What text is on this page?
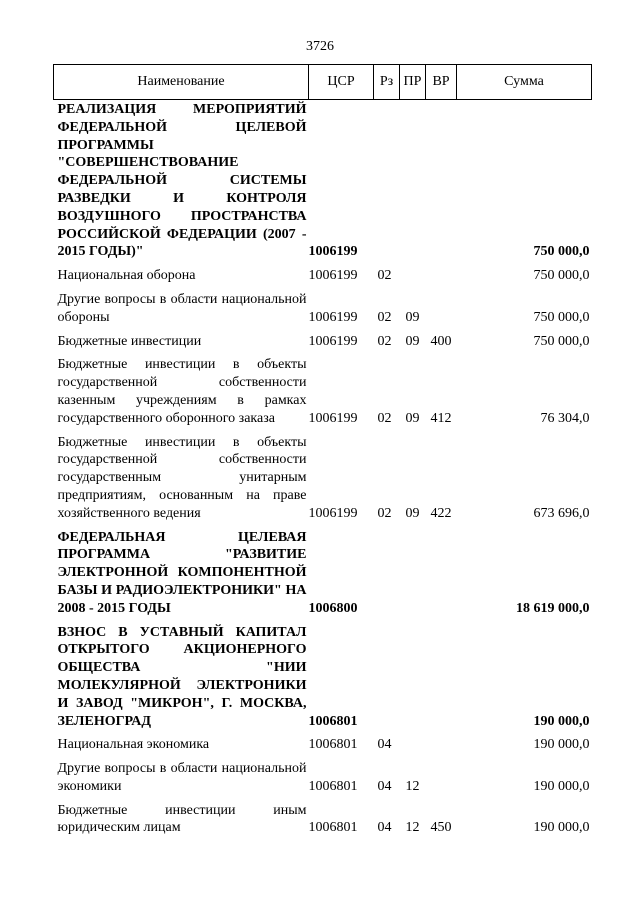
3726
Наименование	ЦСР	Рз	ПР	ВР	Сумма
РЕАЛИЗАЦИЯ МЕРОПРИЯТИЙ ФЕДЕРАЛЬНОЙ ЦЕЛЕВОЙ ПРОГРАММЫ "СОВЕРШЕНСТВОВАНИЕ ФЕДЕРАЛЬНОЙ СИСТЕМЫ РАЗВЕДКИ И КОНТРОЛЯ ВОЗДУШНОГО ПРОСТРАНСТВА РОССИЙСКОЙ ФЕДЕРАЦИИ (2007 - 2015 ГОДЫ)"	1006199				750 000,0
Национальная оборона	1006199	02			750 000,0
Другие вопросы в области национальной обороны	1006199	02	09		750 000,0
Бюджетные инвестиции	1006199	02	09	400	750 000,0
Бюджетные инвестиции в объекты государственной собственности казенным учреждениям в рамках государственного оборонного заказа	1006199	02	09	412	76 304,0
Бюджетные инвестиции в объекты государственной собственности государственным унитарным предприятиям, основанным на праве хозяйственного ведения	1006199	02	09	422	673 696,0
ФЕДЕРАЛЬНАЯ ЦЕЛЕВАЯ ПРОГРАММА "РАЗВИТИЕ ЭЛЕКТРОННОЙ КОМПОНЕНТНОЙ БАЗЫ И РАДИОЭЛЕКТРОНИКИ" НА 2008 - 2015 ГОДЫ	1006800				18 619 000,0
ВЗНОС В УСТАВНЫЙ КАПИТАЛ ОТКРЫТОГО АКЦИОНЕРНОГО ОБЩЕСТВА "НИИ МОЛЕКУЛЯРНОЙ ЭЛЕКТРОНИКИ И ЗАВОД "МИКРОН", Г. МОСКВА, ЗЕЛЕНОГРАД	1006801				190 000,0
Национальная экономика	1006801	04			190 000,0
Другие вопросы в области национальной экономики	1006801	04	12		190 000,0
Бюджетные инвестиции иным юридическим лицам	1006801	04	12	450	190 000,0
